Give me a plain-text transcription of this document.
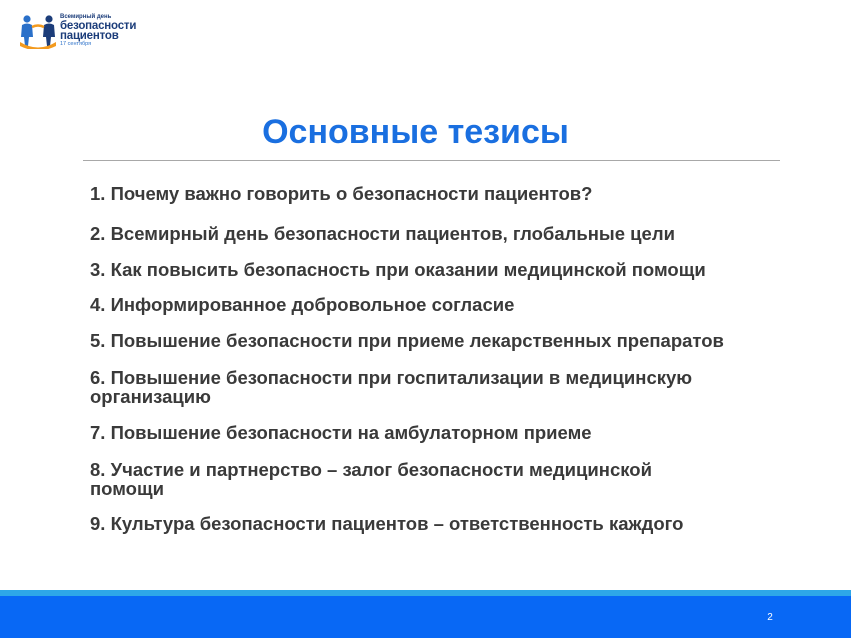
Всемирный день
безопасности
пациентов
17 сентября
Основные тезисы
1. Почему важно говорить о безопасности пациентов?
2. Всемирный день безопасности пациентов, глобальные цели
3. Как повысить безопасность при оказании медицинской помощи
4. Информированное добровольное согласие
5. Повышение безопасности при приеме лекарственных препаратов
6. Повышение безопасности при госпитализации в медицинскую организацию
7. Повышение безопасности на амбулаторном приеме
8. Участие и партнерство – залог безопасности медицинской помощи
9. Культура безопасности пациентов – ответственность каждого
2
